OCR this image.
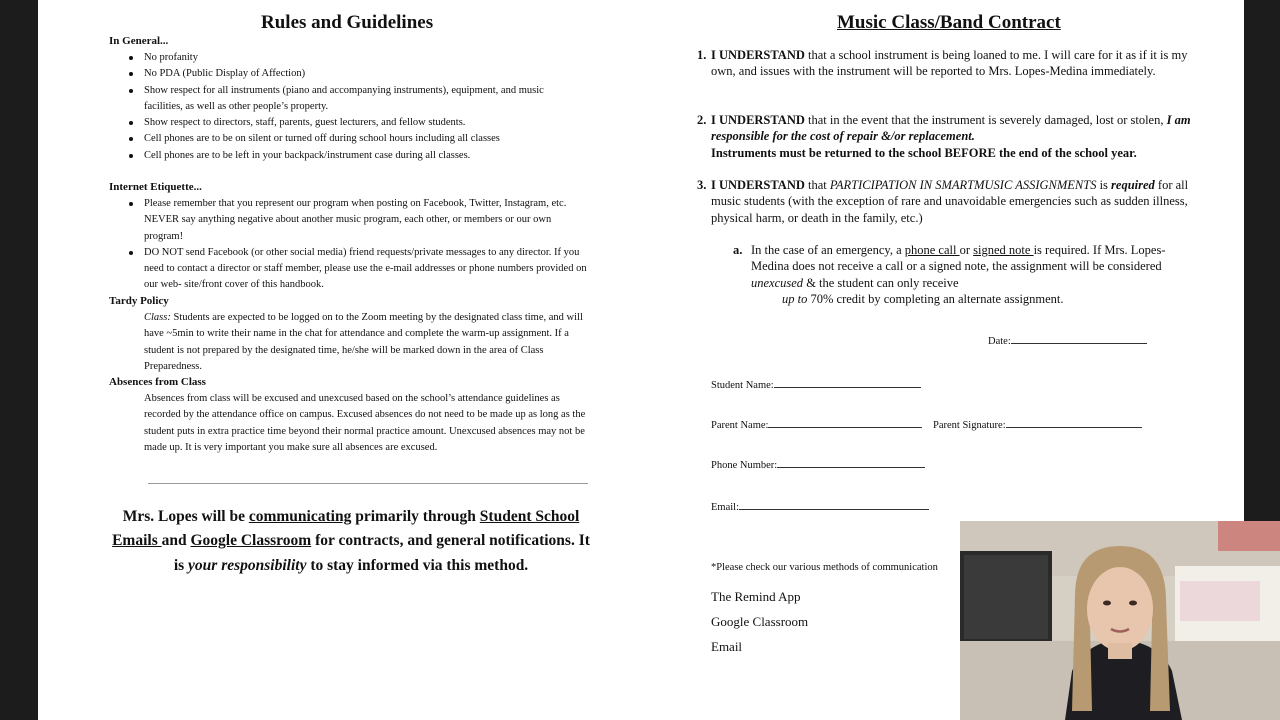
Rules and Guidelines
In General...
No profanity
No PDA (Public Display of Affection)
Show respect for all instruments (piano and accompanying instruments), equipment, and music facilities, as well as other people’s property.
Show respect to directors, staff, parents, guest lecturers, and fellow students.
Cell phones are to be on silent or turned off during school hours including all classes
Cell phones are to be left in your backpack/instrument case during all classes.
Internet Etiquette...
Please remember that you represent our program when posting on Facebook, Twitter, Instagram, etc. NEVER say anything negative about another music program, each other, or members or our own program!
DO NOT send Facebook (or other social media) friend requests/private messages to any director. If you need to contact a director or staff member, please use the e-mail addresses or phone numbers provided on our web- site/front cover of this handbook.
Tardy Policy
Class: Students are expected to be logged on to the Zoom meeting by the designated class time, and will have ~5min to write their name in the chat for attendance and complete the warm-up assignment. If a student is not prepared by the designated time, he/she will be marked down in the area of Class Preparedness.
Absences from Class
Absences from class will be excused and unexcused based on the school’s attendance guidelines as recorded by the attendance office on campus. Excused absences do not need to be made up as long as the student puts in extra practice time beyond their normal practice amount. Unexcused absences may not be made up. It is very important you make sure all absences are excused.
Mrs. Lopes will be communicating primarily through Student School Emails and Google Classroom for contracts, and general notifications. It is your responsibility to stay informed via this method.
Music Class/Band Contract
1. I UNDERSTAND that a school instrument is being loaned to me. I will care for it as if it is my own, and issues with the instrument will be reported to Mrs. Lopes-Medina immediately.
2. I UNDERSTAND that in the event that the instrument is severely damaged, lost or stolen, I am responsible for the cost of repair &/or replacement.
Instruments must be returned to the school BEFORE the end of the school year.
3. I UNDERSTAND that PARTICIPATION IN SMARTMUSIC ASSIGNMENTS is required for all music students (with the exception of rare and unavoidable emergencies such as sudden illness, physical harm, or death in the family, etc.)
a. In the case of an emergency, a phone call or signed note is required. If Mrs. Lopes-Medina does not receive a call or a signed note, the assignment will be considered unexcused & the student can only receive
up to 70% credit by completing an alternate assignment.
Date:
Student Name:
Parent Name:	Parent Signature:
Phone Number:
Email:
*Please check our various methods of communication
The Remind App
Google Classroom
Email
